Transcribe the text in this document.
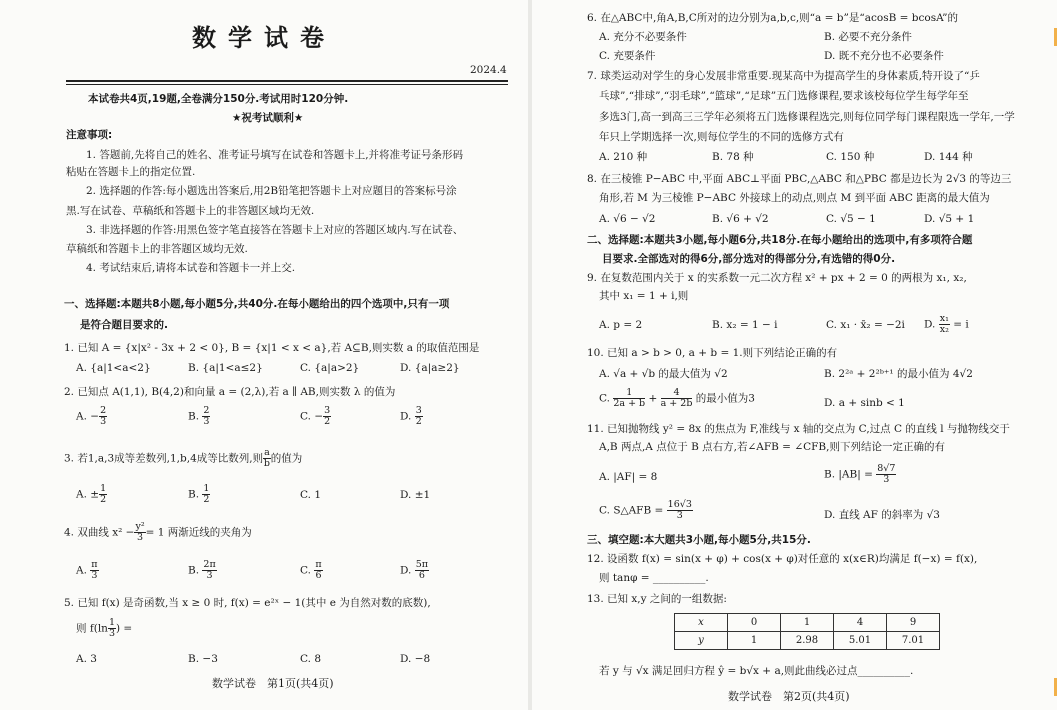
数学试卷
2024.4
本试卷共4页,19题,全卷满分150分.考试用时120分钟.
★祝考试顺利★
注意事项:
1. 答题前,先将自己的姓名、准考证号填写在试卷和答题卡上,并将准考证号条形码
粘贴在答题卡上的指定位置.
2. 选择题的作答:每小题选出答案后,用2B铅笔把答题卡上对应题目的答案标号涂
黑.写在试卷、草稿纸和答题卡上的非答题区域均无效.
3. 非选择题的作答:用黑色签字笔直接答在答题卡上对应的答题区域内.写在试卷、
草稿纸和答题卡上的非答题区域均无效.
4. 考试结束后,请将本试卷和答题卡一并上交.
一、选择题:本题共8小题,每小题5分,共40分.在每小题给出的四个选项中,只有一项
是符合题目要求的.
1. 已知 A = {x|x² - 3x + 2 < 0}, B = {x|1 < x < a},若 A⊆B,则实数 a 的取值范围是
A. {a|1<a<2}	B. {a|1<a≤2}	C. {a|a>2}	D. {a|a≥2}
2. 已知点 A(1,1), B(4,2)和向量 a = (2,λ),若 a ∥ AB,则实数 λ 的值为
A. − $\frac{2}{3}$	B. $\frac{2}{3}$	C. − $\frac{3}{2}$	D. $\frac{3}{2}$
3. 若1,a,3成等差数列,1,b,4成等比数列,则 $\frac{a}{b}$ 的值为
A. ± $\frac{1}{2}$	B. $\frac{1}{2}$	C. 1	D. ±1
4. 双曲线 $x^2 - \frac{\text{y²}}{3} = 1$ 两渐近线的夹角为
A. $\frac{\pi}{3}$	B. $\frac{2\pi}{3}$	C. $\frac{\pi}{6}$	D. $\frac{5\pi}{6}$
5. 已知 f(x) 是奇函数,当 x ≥ 0 时, f(x) = e²ˣ − 1(其中 e 为自然对数的底数),
则 $f(\ln \frac{1}{3}$ ) =
A. 3	B. −3	C. 8	D. −8
数学试卷　第1页(共4页)
6. 在△ABC中,角A,B,C所对的边分别为a,b,c,则“a = b”是“acosB = bcosA”的
A. 充分不必要条件	B. 必要不充分条件
C. 充要条件	D. 既不充分也不必要条件
7. 球类运动对学生的身心发展非常重要.现某高中为提高学生的身体素质,特开设了“乒
乓球”,“排球”,“羽毛球”,“篮球”,“足球”五门选修课程,要求该校每位学生每学年至
多选3门,高一到高三三学年必须将五门选修课程选完,则每位同学每门课程限选一学年,一学
年只上学期选择一次,则每位学生的不同的选修方式有
A. 210 种	B. 78 种	C. 150 种	D. 144 种
8. 在三棱锥 P−ABC 中,平面 ABC⊥平面 PBC,△ABC 和△PBC 都是边长为 2√3 的等边三
角形,若 M 为三棱锥 P−ABC 外接球上的动点,则点 M 到平面 ABC 距离的最大值为
A. √6 − √2	B. √6 + √2	C. √5 − 1	D. √5 + 1
二、选择题:本题共3小题,每小题6分,共18分.在每小题给出的选项中,有多项符合题
目要求.全部选对的得6分,部分选对的得部分分,有选错的得0分.
9. 在复数范围内关于 x 的实系数一元二次方程 x² + px + 2 = 0 的两根为 x₁, x₂,
其中 x₁ = 1 + i,则
A. p = 2	B. x₂ = 1 − i	C. x₁ · x̄₂ = −2i D. $\frac{\text{x₁}}{\text{x₂}} = i$
10. 已知 a > b > 0, a + b = 1.则下列结论正确的有
A. √a + √b 的最大值为 √2	B. 2²ᵃ + 2²ᵇ⁺¹ 的最小值为 4√2
C. $\frac{1}{2a + b} + \frac{4}{a + 2b}$ 的最小值为3	D. a + sinb < 1
11. 已知抛物线 y² = 8x 的焦点为 F,准线与 x 轴的交点为 C,过点 C 的直线 l 与抛物线交于
A,B 两点,A 点位于 B 点右方,若∠AFB = ∠CFB,则下列结论一定正确的有
A. |AF| = 8	B. $|AB| = \frac{8√7}{3}$
C. S△AFB = $\frac{16√3}{3}$	D. 直线 AF 的斜率为 √3
三、填空题:本大题共3小题,每小题5分,共15分.
12. 设函数 f(x) = sin(x + φ) + cos(x + φ)对任意的 x(x∈R)均满足 f(−x) = f(x),
则 tanφ = __________.
13. 已知 x,y 之间的一组数据:
若 y 与 √x 满足回归方程 ŷ = b√x + a,则此曲线必过点__________.
数学试卷　第2页(共4页)
x	0	1	4	9
y	1	2.98	5.01	7.01
